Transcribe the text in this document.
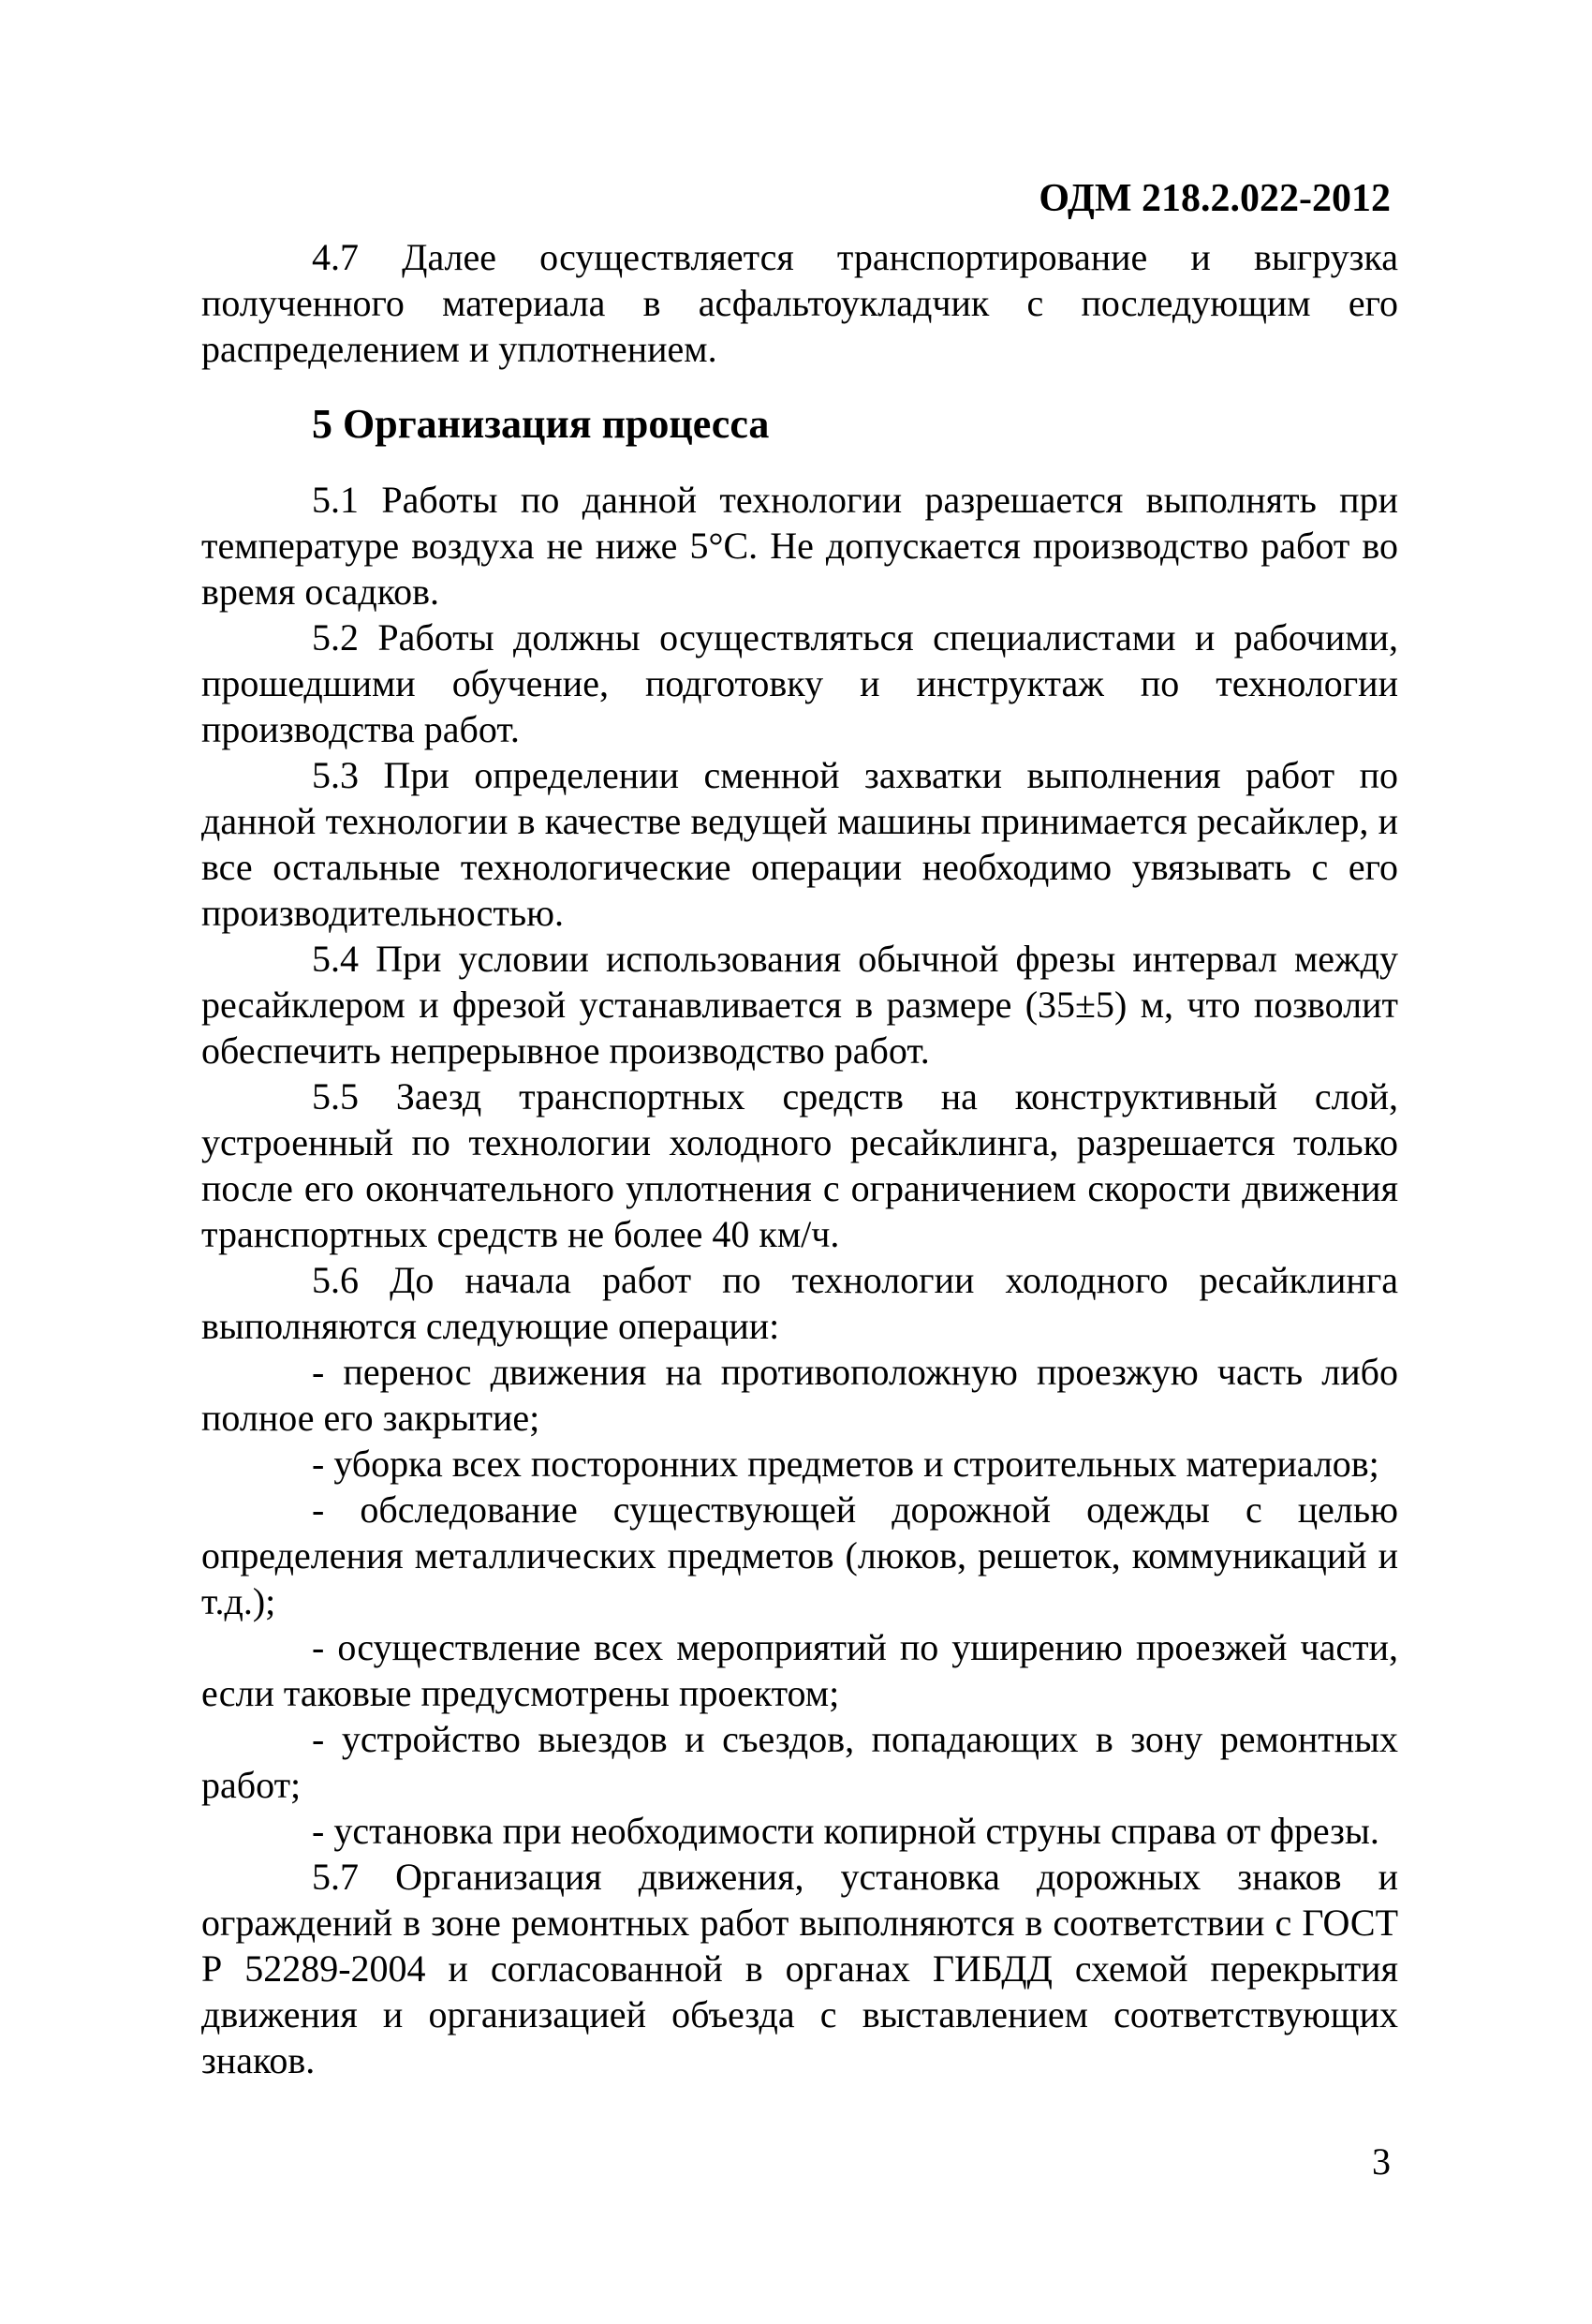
ОДМ 218.2.022-2012

4.7 Далее осуществляется транспортирование и выгрузка полученного материала в асфальтоукладчик с последующим его распределением и уплотнением.

5 Организация процесса

5.1 Работы по данной технологии разрешается выполнять при температуре воздуха не ниже 5°С. Не допускается производство работ во время осадков.

5.2 Работы должны осуществляться специалистами и рабочими, прошедшими обучение, подготовку и инструктаж по технологии производства работ.

5.3 При определении сменной захватки выполнения работ по данной технологии в качестве ведущей машины принимается ресайклер, и все остальные технологические операции необходимо увязывать с его производительностью.

5.4 При условии использования обычной фрезы интервал между ресайклером и фрезой устанавливается в размере (35±5) м, что позволит обеспечить непрерывное производство работ.

5.5 Заезд транспортных средств на конструктивный слой, устроенный по технологии холодного ресайклинга, разрешается только после его окончательного уплотнения с ограничением скорости движения транспортных средств не более 40 км/ч.

5.6 До начала работ по технологии холодного ресайклинга выполняются следующие операции:

- перенос движения на противоположную проезжую часть либо полное его закрытие;

- уборка всех посторонних предметов и строительных материалов;

- обследование существующей дорожной одежды с целью определения металлических предметов (люков, решеток, коммуникаций и т.д.);

- осуществление всех мероприятий по уширению проезжей части, если таковые предусмотрены проектом;

- устройство выездов и съездов, попадающих в зону ремонтных работ;

- установка при необходимости копирной струны справа от фрезы.

5.7 Организация движения, установка дорожных знаков и ограждений в зоне ремонтных работ выполняются в соответствии с ГОСТ Р 52289-2004 и согласованной в органах ГИБДД схемой перекрытия движения и организацией объезда с выставлением соответствующих знаков.

3
